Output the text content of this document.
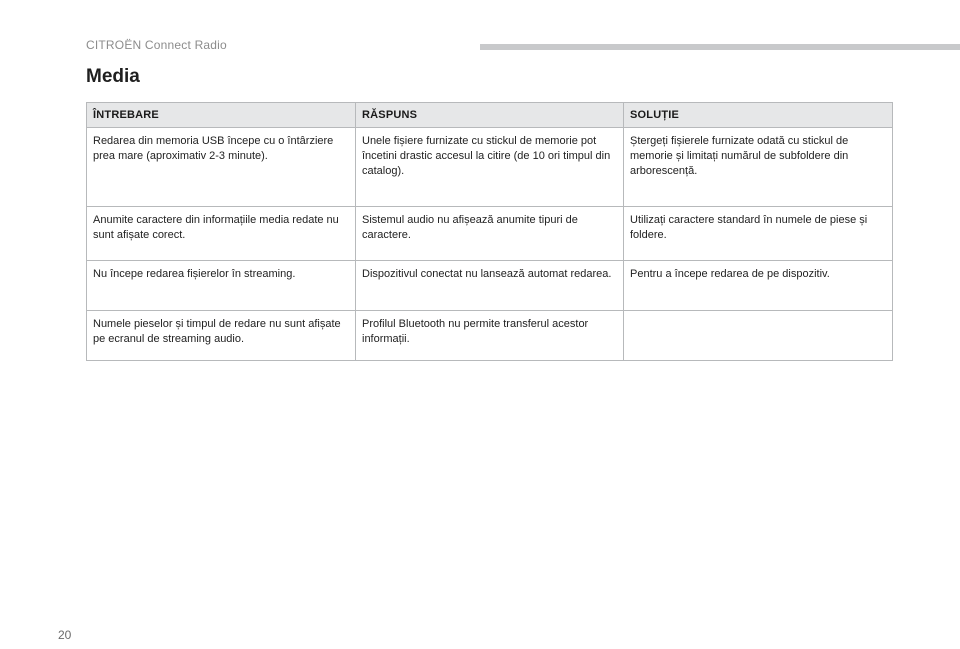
CITROËN Connect Radio
Media
ÎNTREBARE	RĂSPUNS	SOLUȚIE
Redarea din memoria USB începe cu o întârziere prea mare (aproximativ 2-3 minute).	Unele fișiere furnizate cu stickul de memorie pot încetini drastic accesul la citire (de 10 ori timpul din catalog).	Ștergeți fișierele furnizate odată cu stickul de memorie și limitați numărul de subfoldere din arborescență.
Anumite caractere din informațiile media redate nu sunt afișate corect.	Sistemul audio nu afișează anumite tipuri de caractere.	Utilizați caractere standard în numele de piese și foldere.
Nu începe redarea fișierelor în streaming.	Dispozitivul conectat nu lansează automat redarea.	Pentru a începe redarea de pe dispozitiv.
Numele pieselor și timpul de redare nu sunt afișate pe ecranul de streaming audio.	Profilul Bluetooth nu permite transferul acestor informații.	
20
